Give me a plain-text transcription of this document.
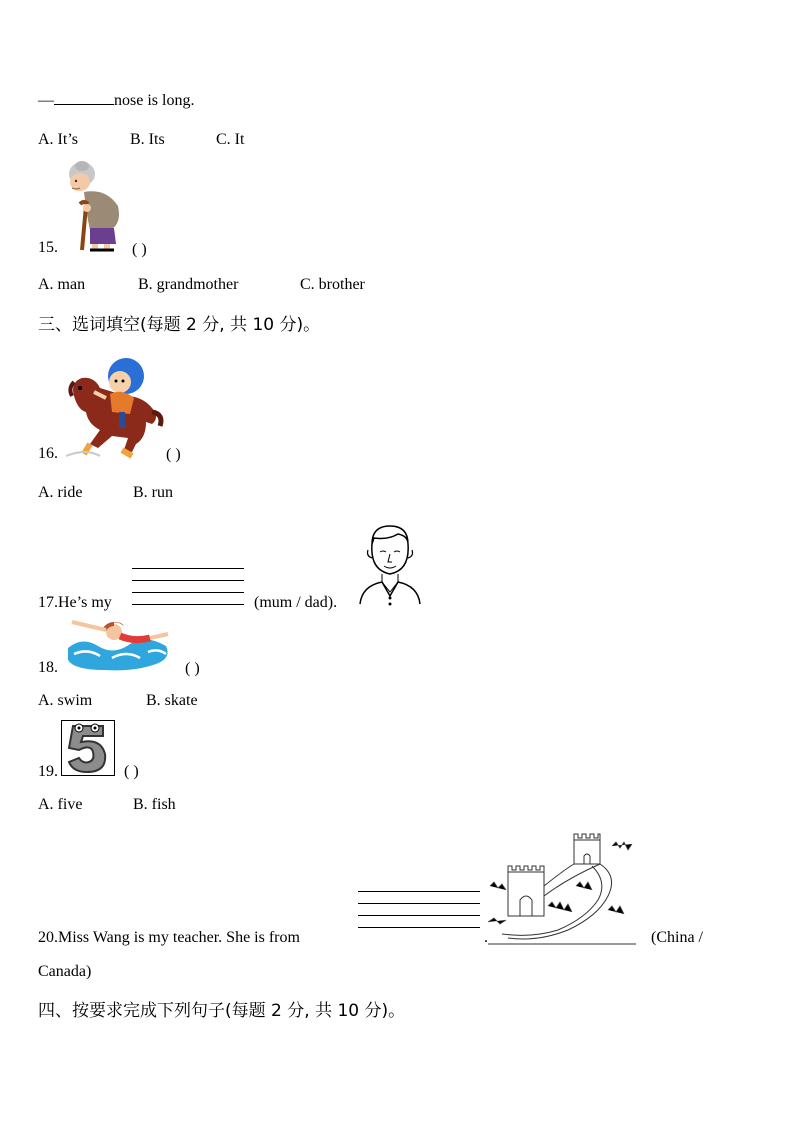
—	nose is long.
A. It’s	B. Its	C. It
15.	( )
A. man	B. grandmother	C. brother
三、选词填空(每题 2 分, 共 10 分)。
16.	( )
A. ride	B. run
17.He’s my	(mum / dad).
18.	( )
A. swim	B. skate
19.	( )
A. five	B. fish
20.Miss Wang is my teacher. She is from	.	(China /
Canada)
四、按要求完成下列句子(每题 2 分, 共 10 分)。
